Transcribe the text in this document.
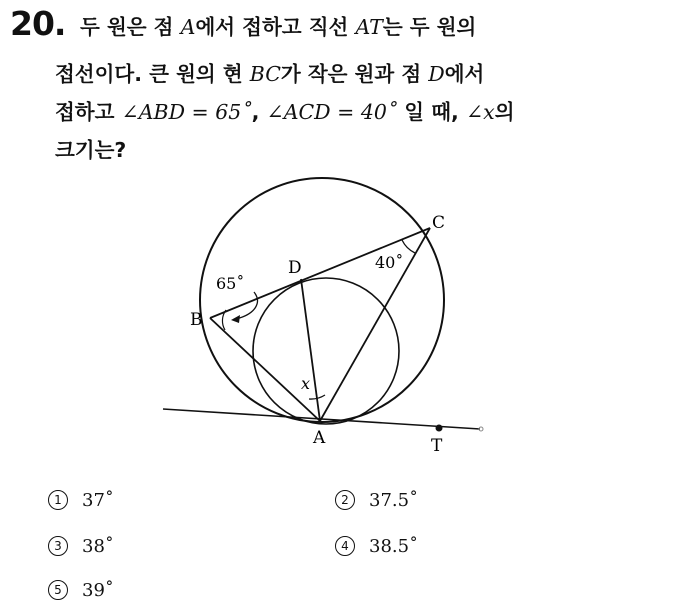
20. 두 원은 점 A에서 접하고 직선 AT는 두 원의
접선이다. 큰 원의 현 BC가 작은 원과 점 D에서
접하고 ∠ABD = 65˚, ∠ACD = 40˚ 일 때, ∠x의
크기는?
C
B
D
A	T
40˚
65˚
x
1 37˚	2 37.5˚
3 38˚	4 38.5˚
5 39˚
